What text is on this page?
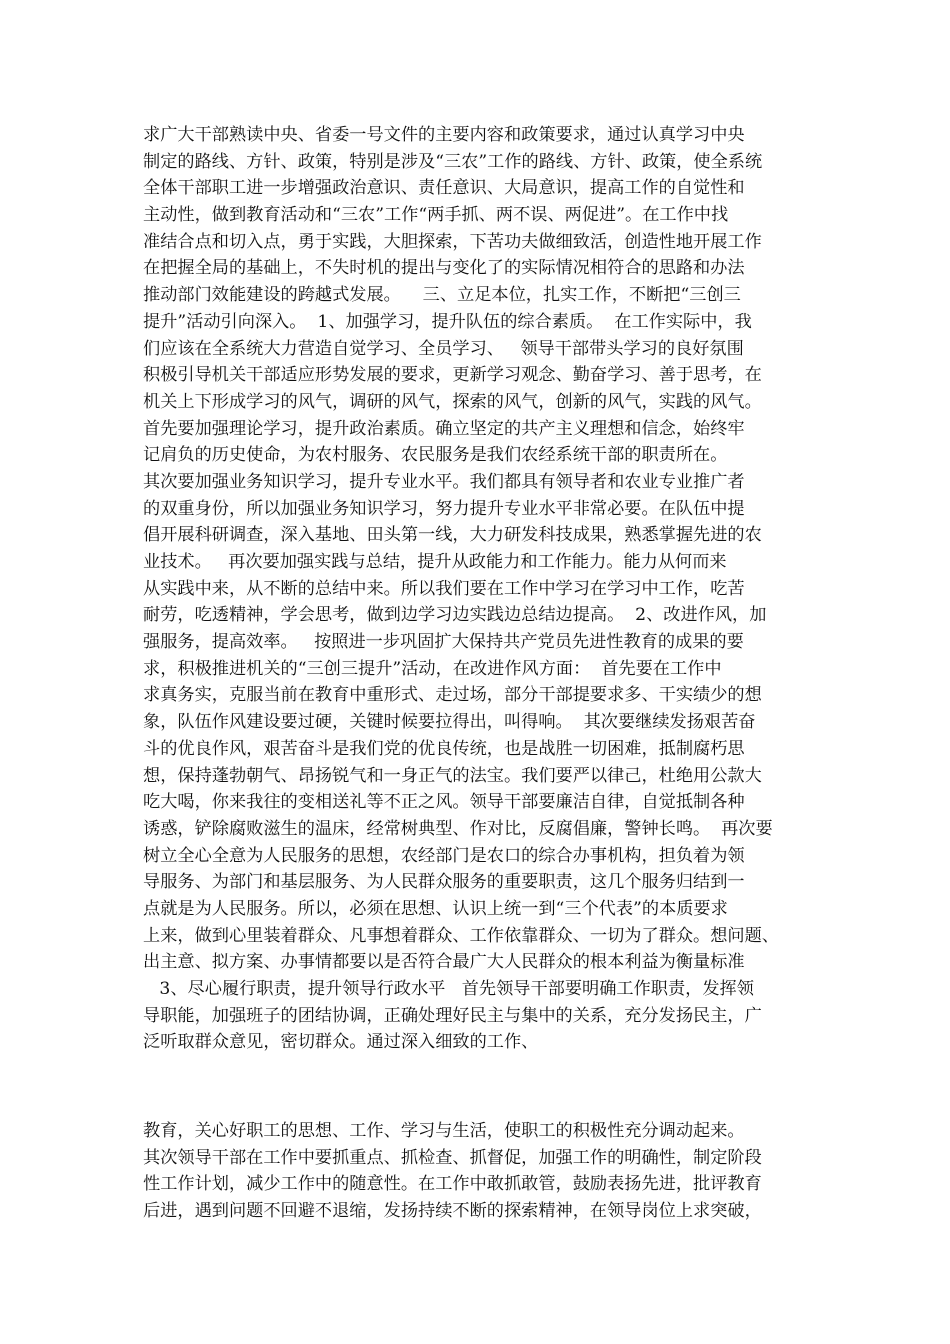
求广大干部熟读中央、省委一号文件的主要内容和政策要求，通过认真学习中央
制定的路线、方针、政策，特别是涉及“三农”工作的路线、方针、政策，使全系统
全体干部职工进一步增强政治意识、责任意识、大局意识，提高工作的自觉性和
主动性，做到教育活动和“三农”工作“两手抓、两不误、两促进”。在工作中找
准结合点和切入点，勇于实践，大胆探索，下苦功夫做细致活，创造性地开展工作
在把握全局的基础上，不失时机的提出与变化了的实际情况相符合的思路和办法
推动部门效能建设的跨越式发展。    三、立足本位，扎实工作，不断把“三创三
提升”活动引向深入。  1、加强学习，提升队伍的综合素质。  在工作实际中，我
们应该在全系统大力营造自觉学习、全员学习、   领导干部带头学习的良好氛围
积极引导机关干部适应形势发展的要求，更新学习观念、勤奋学习、善于思考，在
机关上下形成学习的风气，调研的风气，探索的风气，创新的风气，实践的风气。
首先要加强理论学习，提升政治素质。确立坚定的共产主义理想和信念，始终牢
记肩负的历史使命，为农村服务、农民服务是我们农经系统干部的职责所在。
其次要加强业务知识学习，提升专业水平。我们都具有领导者和农业专业推广者
的双重身份，所以加强业务知识学习，努力提升专业水平非常必要。在队伍中提
倡开展科研调查，深入基地、田头第一线，大力研发科技成果，熟悉掌握先进的农
业技术。   再次要加强实践与总结，提升从政能力和工作能力。能力从何而来
从实践中来，从不断的总结中来。所以我们要在工作中学习在学习中工作，吃苦
耐劳，吃透精神，学会思考，做到边学习边实践边总结边提高。  2、改进作风，加
强服务，提高效率。   按照进一步巩固扩大保持共产党员先进性教育的成果的要
求，积极推进机关的“三创三提升”活动，在改进作风方面：  首先要在工作中
求真务实，克服当前在教育中重形式、走过场，部分干部提要求多、干实绩少的想
象，队伍作风建设要过硬，关键时候要拉得出，叫得响。  其次要继续发扬艰苦奋
斗的优良作风，艰苦奋斗是我们党的优良传统，也是战胜一切困难，抵制腐朽思
想，保持蓬勃朝气、昂扬锐气和一身正气的法宝。我们要严以律己，杜绝用公款大
吃大喝，你来我往的变相送礼等不正之风。领导干部要廉洁自律，自觉抵制各种
诱惑，铲除腐败滋生的温床，经常树典型、作对比，反腐倡廉，警钟长鸣。  再次要
树立全心全意为人民服务的思想，农经部门是农口的综合办事机构，担负着为领
导服务、为部门和基层服务、为人民群众服务的重要职责，这几个服务归结到一
点就是为人民服务。所以，必须在思想、认识上统一到“三个代表”的本质要求
上来，做到心里装着群众、凡事想着群众、工作依靠群众、一切为了群众。想问题、
出主意、拟方案、办事情都要以是否符合最广大人民群众的根本利益为衡量标准
3、尽心履行职责，提升领导行政水平   首先领导干部要明确工作职责，发挥领
导职能，加强班子的团结协调，正确处理好民主与集中的关系，充分发扬民主，广
泛听取群众意见，密切群众。通过深入细致的工作、
教育，关心好职工的思想、工作、学习与生活，使职工的积极性充分调动起来。
其次领导干部在工作中要抓重点、抓检查、抓督促，加强工作的明确性，制定阶段
性工作计划，减少工作中的随意性。在工作中敢抓敢管，鼓励表扬先进，批评教育
后进，遇到问题不回避不退缩，发扬持续不断的探索精神，在领导岗位上求突破，
